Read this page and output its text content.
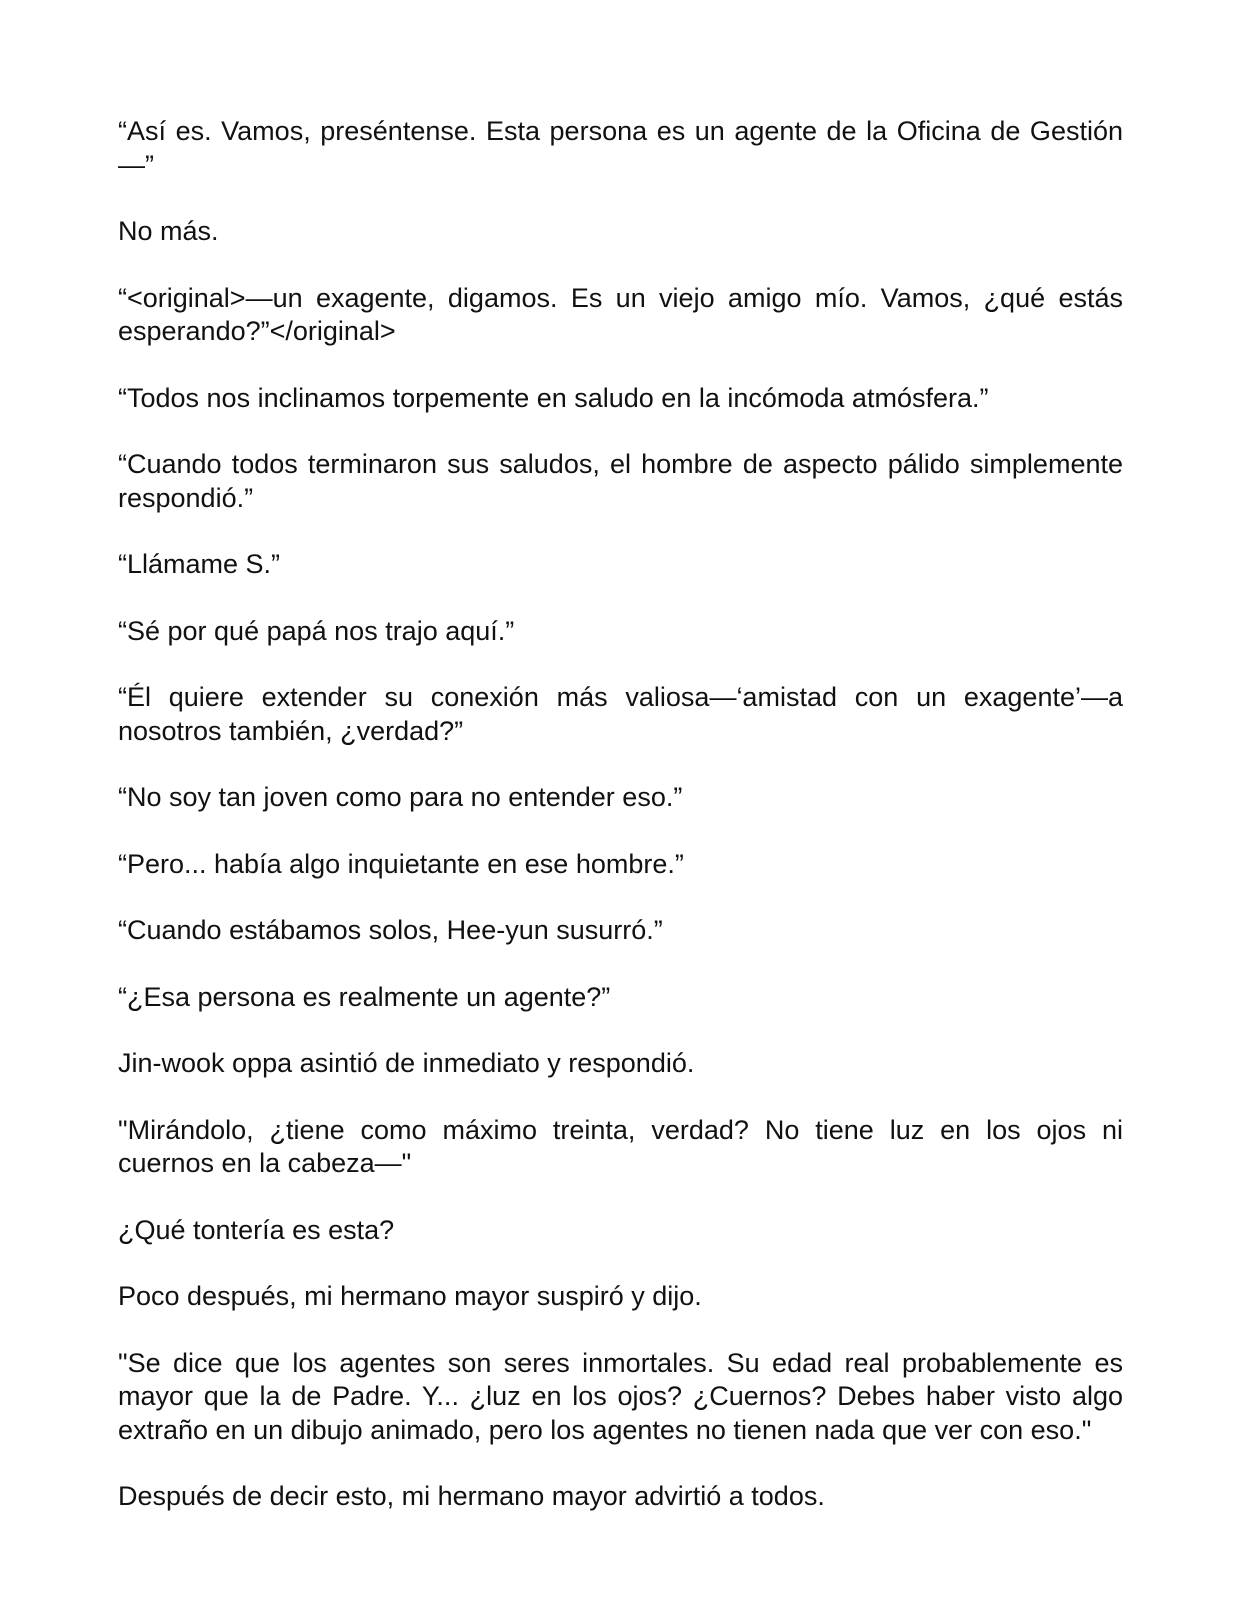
“Así es. Vamos, preséntense. Esta persona es un agente de la Oficina de Gestión—”

No más.

“<original>—un exagente, digamos. Es un viejo amigo mío. Vamos, ¿qué estás esperando?”</original>

“Todos nos inclinamos torpemente en saludo en la incómoda atmósfera.”

“Cuando todos terminaron sus saludos, el hombre de aspecto pálido simplemente respondió.”

“Llámame S.”

“Sé por qué papá nos trajo aquí.”

“Él quiere extender su conexión más valiosa—‘amistad con un exagente’—a nosotros también, ¿verdad?”

“No soy tan joven como para no entender eso.”

“Pero... había algo inquietante en ese hombre.”

“Cuando estábamos solos, Hee-yun susurró.”

“¿Esa persona es realmente un agente?”

Jin-wook oppa asintió de inmediato y respondió.

"Mirándolo, ¿tiene como máximo treinta, verdad? No tiene luz en los ojos ni cuernos en la cabeza—"

¿Qué tontería es esta?

Poco después, mi hermano mayor suspiró y dijo.

"Se dice que los agentes son seres inmortales. Su edad real probablemente es mayor que la de Padre. Y... ¿luz en los ojos? ¿Cuernos? Debes haber visto algo extraño en un dibujo animado, pero los agentes no tienen nada que ver con eso."

Después de decir esto, mi hermano mayor advirtió a todos.
